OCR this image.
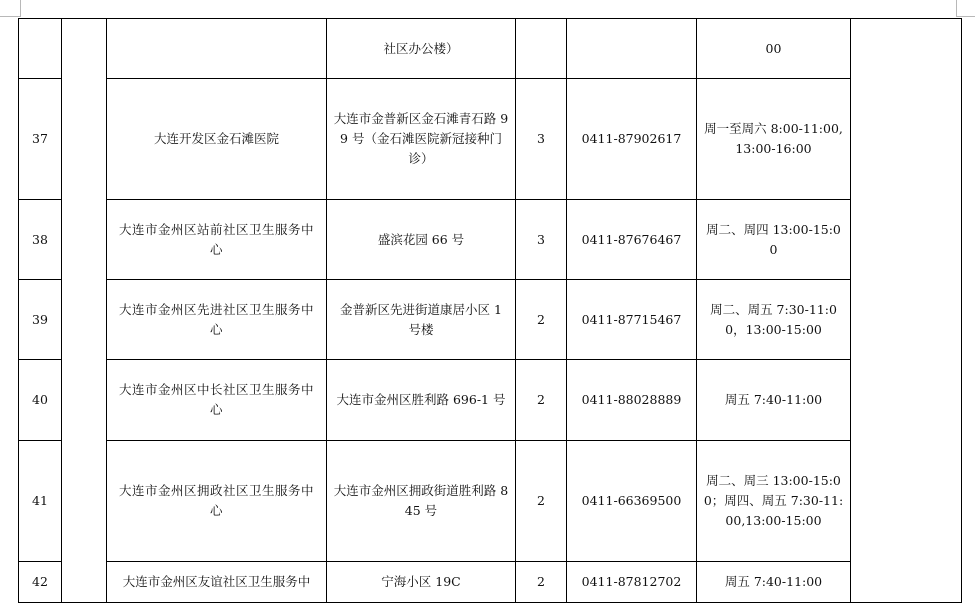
			社区办公楼）			00	
37		大连开发区金石滩医院	大连市金普新区金石滩青石路 99 号（金石滩医院新冠接种门诊）	3	0411-87902617	周一至周六 8:00-11:00,13:00-16:00	

38		大连市金州区站前社区卫生服务中心	盛滨花园 66 号	3	0411-87676467	周二、周四 13:00-15:00	

39		大连市金州区先进社区卫生服务中心	金普新区先进街道康居小区 1 号楼	2	0411-87715467	周二、周五 7:30-11:00，13:00-15:00	

40		大连市金州区中长社区卫生服务中心	大连市金州区胜利路 696-1 号	2	0411-88028889	周五 7:40-11:00	
41		大连市金州区拥政社区卫生服务中心	大连市金州区拥政街道胜利路 845 号	2	0411-66369500	周二、周三 13:00-15:00；周四、周五 7:30-11:00,13:00-15:00	

42		大连市金州区友谊社区卫生服务中	宁海小区 19C	2	0411-87812702	周五 7:40-11:00	
